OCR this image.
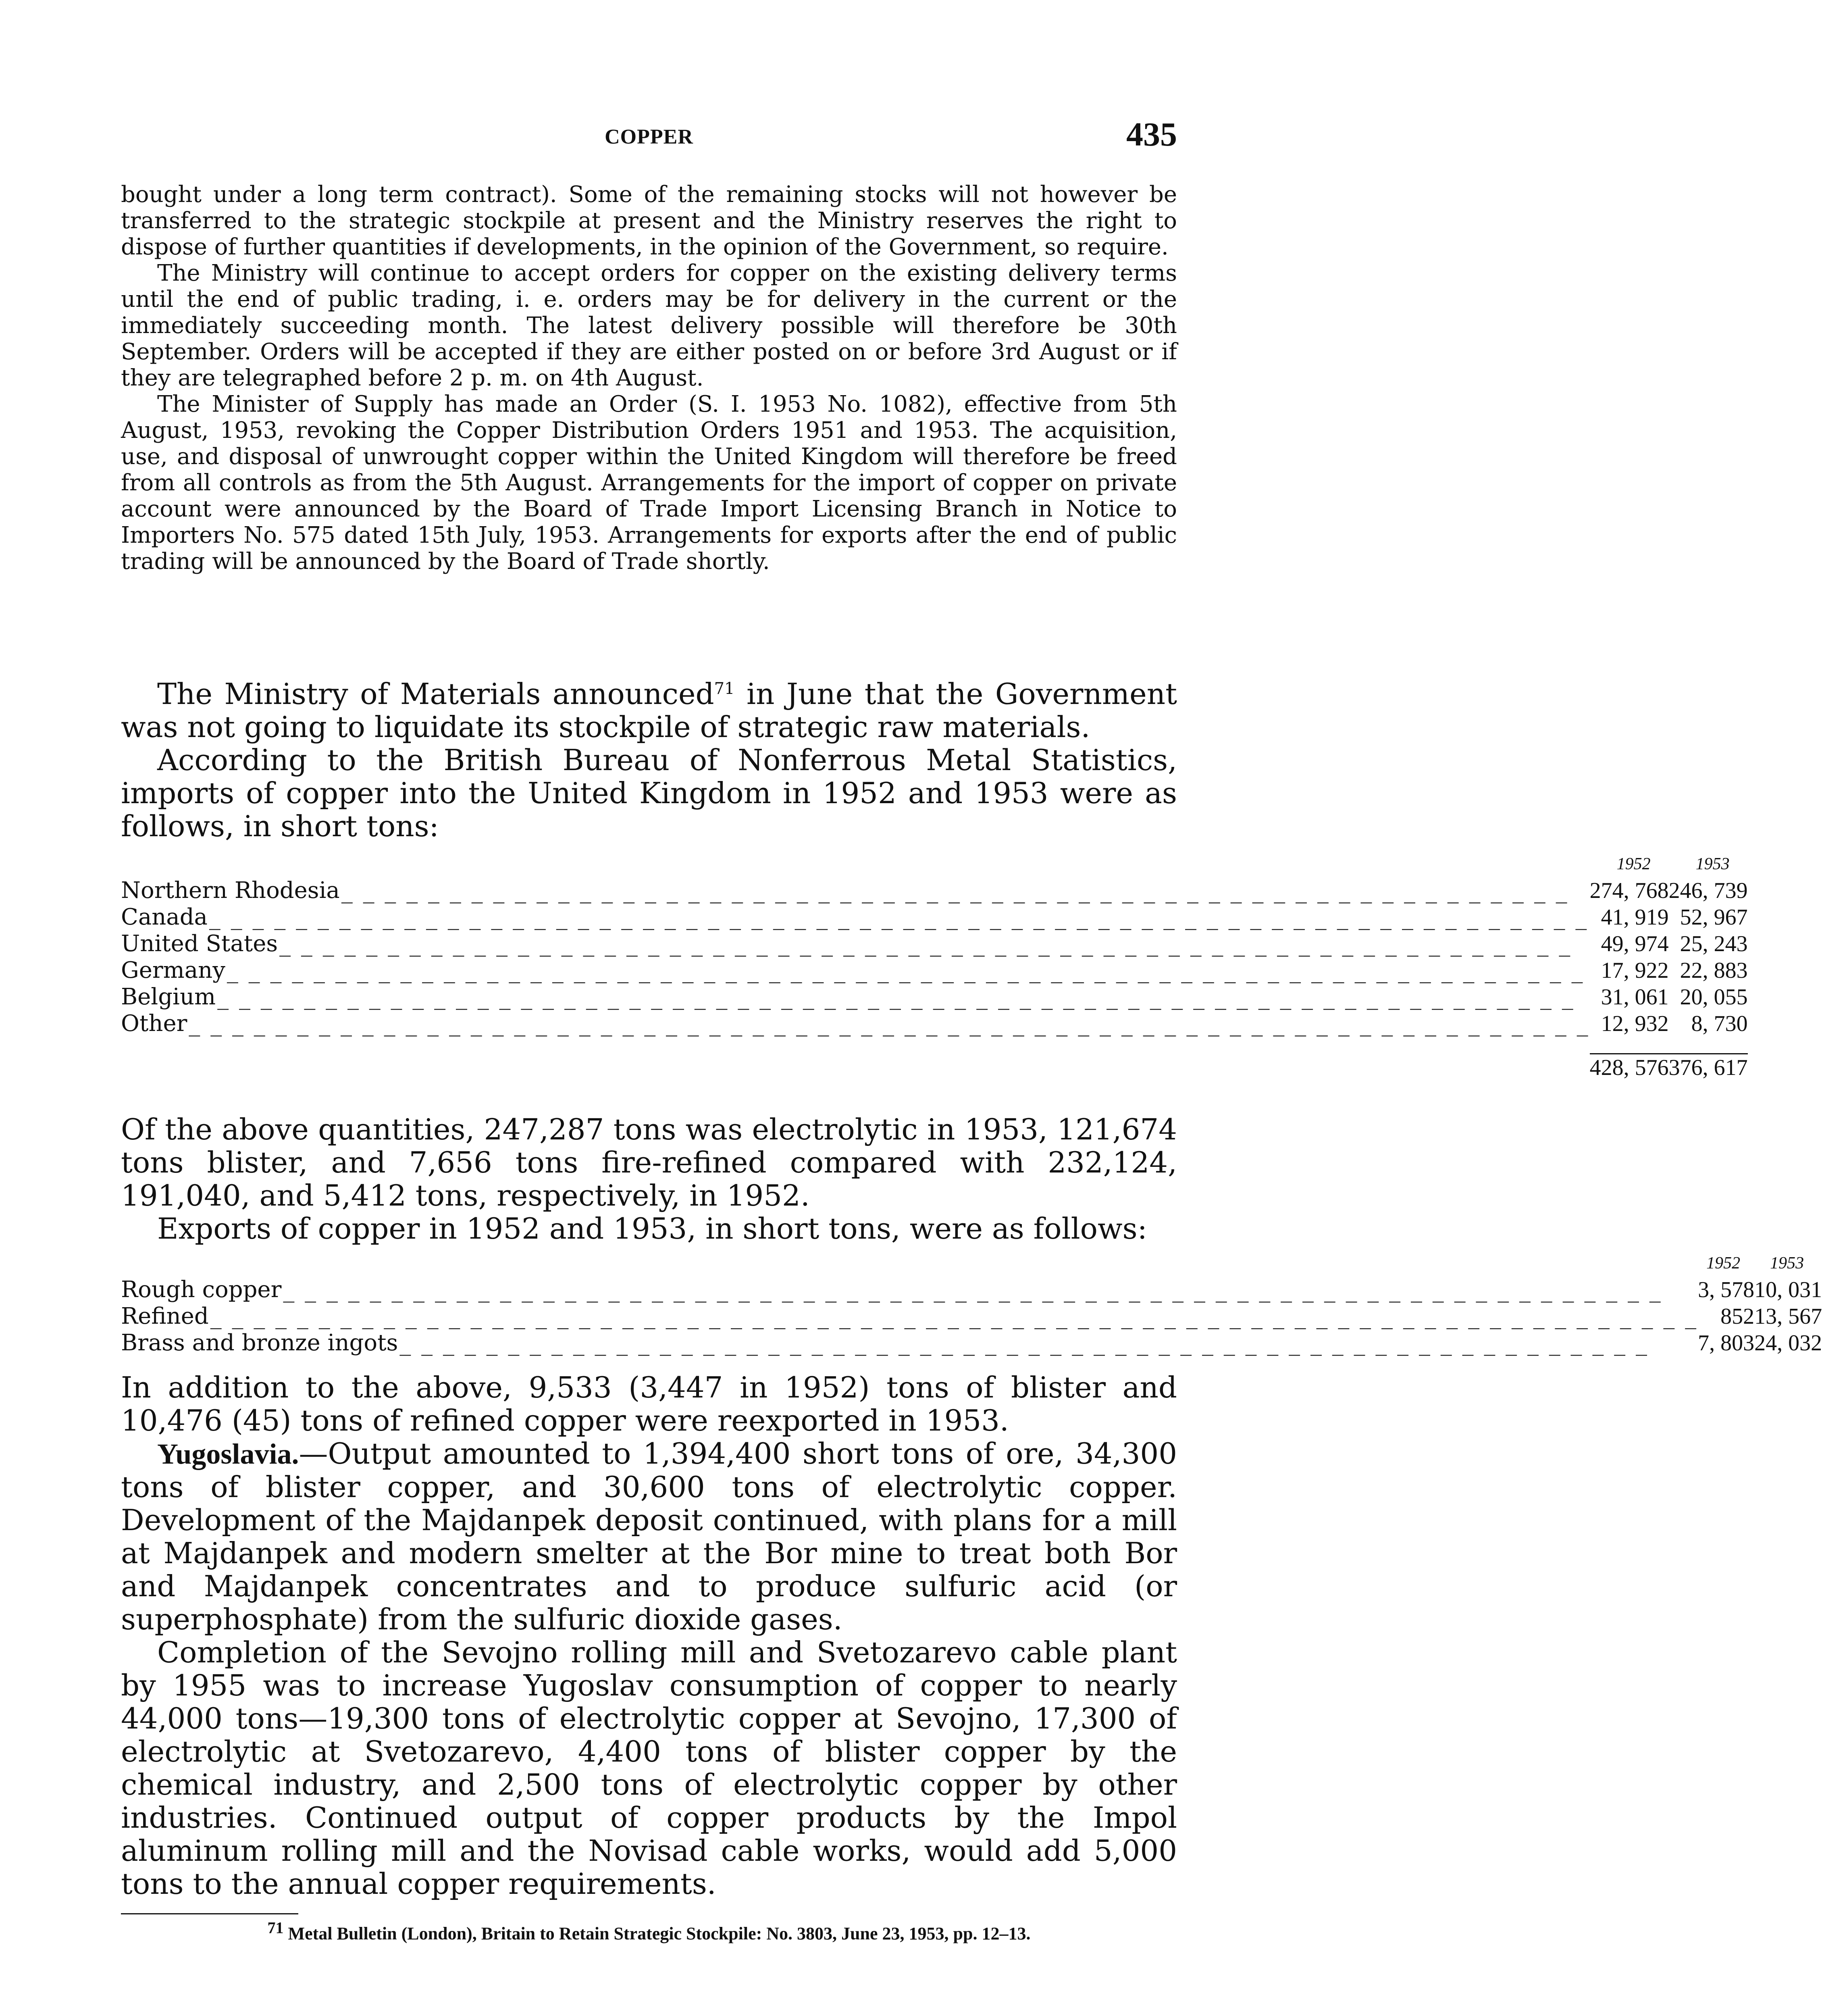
COPPER	435

bought under a long term contract). Some of the remaining stocks will not however be transferred to the strategic stockpile at present and the Ministry reserves the right to dispose of further quantities if developments, in the opinion of the Government, so require.

The Ministry will continue to accept orders for copper on the existing delivery terms until the end of public trading, i. e. orders may be for delivery in the current or the immediately succeeding month. The latest delivery possible will therefore be 30th September. Orders will be accepted if they are either posted on or before 3rd August or if they are telegraphed before 2 p. m. on 4th August.

The Minister of Supply has made an Order (S. I. 1953 No. 1082), effective from 5th August, 1953, revoking the Copper Distribution Orders 1951 and 1953. The acquisition, use, and disposal of unwrought copper within the United Kingdom will therefore be freed from all controls as from the 5th August. Arrangements for the import of copper on private account were announced by the Board of Trade Import Licensing Branch in Notice to Importers No. 575 dated 15th July, 1953. Arrangements for exports after the end of public trading will be announced by the Board of Trade shortly.

The Ministry of Materials announced$^{71}$ in June that the Government was not going to liquidate its stockpile of strategic raw materials.

According to the British Bureau of Nonferrous Metal Statistics, imports of copper into the United Kingdom in 1952 and 1953 were as follows, in short tons:

	1952	1953
Northern Rhodesia_ _ _ _ _ _ _ _ _ _ _ _ _ _ _ _ _ _ _ _ _ _ _ _ _ _ _ _ _ _ _ _ _ _ _ _ _ _ _ _ _ _ _ _ _ _ _ _ _ _ _ _ _ _ _ _ _	274, 768	246, 739
Canada_ _ _ _ _ _ _ _ _ _ _ _ _ _ _ _ _ _ _ _ _ _ _ _ _ _ _ _ _ _ _ _ _ _ _ _ _ _ _ _ _ _ _ _ _ _ _ _ _ _ _ _ _ _ _ _ _ _ _ _ _ _ _ _	41, 919	52, 967
United States_ _ _ _ _ _ _ _ _ _ _ _ _ _ _ _ _ _ _ _ _ _ _ _ _ _ _ _ _ _ _ _ _ _ _ _ _ _ _ _ _ _ _ _ _ _ _ _ _ _ _ _ _ _ _ _ _ _ _ _	49, 974	25, 243
Germany_ _ _ _ _ _ _ _ _ _ _ _ _ _ _ _ _ _ _ _ _ _ _ _ _ _ _ _ _ _ _ _ _ _ _ _ _ _ _ _ _ _ _ _ _ _ _ _ _ _ _ _ _ _ _ _ _ _ _ _ _ _ _	17, 922	22, 883
Belgium_ _ _ _ _ _ _ _ _ _ _ _ _ _ _ _ _ _ _ _ _ _ _ _ _ _ _ _ _ _ _ _ _ _ _ _ _ _ _ _ _ _ _ _ _ _ _ _ _ _ _ _ _ _ _ _ _ _ _ _ _ _ _	31, 061	20, 055
Other_ _ _ _ _ _ _ _ _ _ _ _ _ _ _ _ _ _ _ _ _ _ _ _ _ _ _ _ _ _ _ _ _ _ _ _ _ _ _ _ _ _ _ _ _ _ _ _ _ _ _ _ _ _ _ _ _ _ _ _ _ _ _ _ _	12, 932	8, 730

	428, 576	376, 617

Of the above quantities, 247,287 tons was electrolytic in 1953, 121,674 tons blister, and 7,656 tons fire-refined compared with 232,124, 191,040, and 5,412 tons, respectively, in 1952.

Exports of copper in 1952 and 1953, in short tons, were as follows:

	1952	1953
Rough copper_ _ _ _ _ _ _ _ _ _ _ _ _ _ _ _ _ _ _ _ _ _ _ _ _ _ _ _ _ _ _ _ _ _ _ _ _ _ _ _ _ _ _ _ _ _ _ _ _ _ _ _ _ _ _ _ _ _ _ _ _ _ _ _	3, 578	10, 031
Refined_ _ _ _ _ _ _ _ _ _ _ _ _ _ _ _ _ _ _ _ _ _ _ _ _ _ _ _ _ _ _ _ _ _ _ _ _ _ _ _ _ _ _ _ _ _ _ _ _ _ _ _ _ _ _ _ _ _ _ _ _ _ _ _ _ _ _ _ _	852	13, 567
Brass and bronze ingots_ _ _ _ _ _ _ _ _ _ _ _ _ _ _ _ _ _ _ _ _ _ _ _ _ _ _ _ _ _ _ _ _ _ _ _ _ _ _ _ _ _ _ _ _ _ _ _ _ _ _ _ _ _ _ _ _ _	7, 803	24, 032

In addition to the above, 9,533 (3,447 in 1952) tons of blister and 10,476 (45) tons of refined copper were reexported in 1953.

Yugoslavia.—Output amounted to 1,394,400 short tons of ore, 34,300 tons of blister copper, and 30,600 tons of electrolytic copper. Development of the Majdanpek deposit continued, with plans for a mill at Majdanpek and modern smelter at the Bor mine to treat both Bor and Majdanpek concentrates and to produce sulfuric acid (or superphosphate) from the sulfuric dioxide gases.

Completion of the Sevojno rolling mill and Svetozarevo cable plant by 1955 was to increase Yugoslav consumption of copper to nearly 44,000 tons—19,300 tons of electrolytic copper at Sevojno, 17,300 of electrolytic at Svetozarevo, 4,400 tons of blister copper by the chemical industry, and 2,500 tons of electrolytic copper by other industries. Continued output of copper products by the Impol aluminum rolling mill and the Novisad cable works, would add 5,000 tons to the annual copper requirements.

71 Metal Bulletin (London), Britain to Retain Strategic Stockpile: No. 3803, June 23, 1953, pp. 12–13.
